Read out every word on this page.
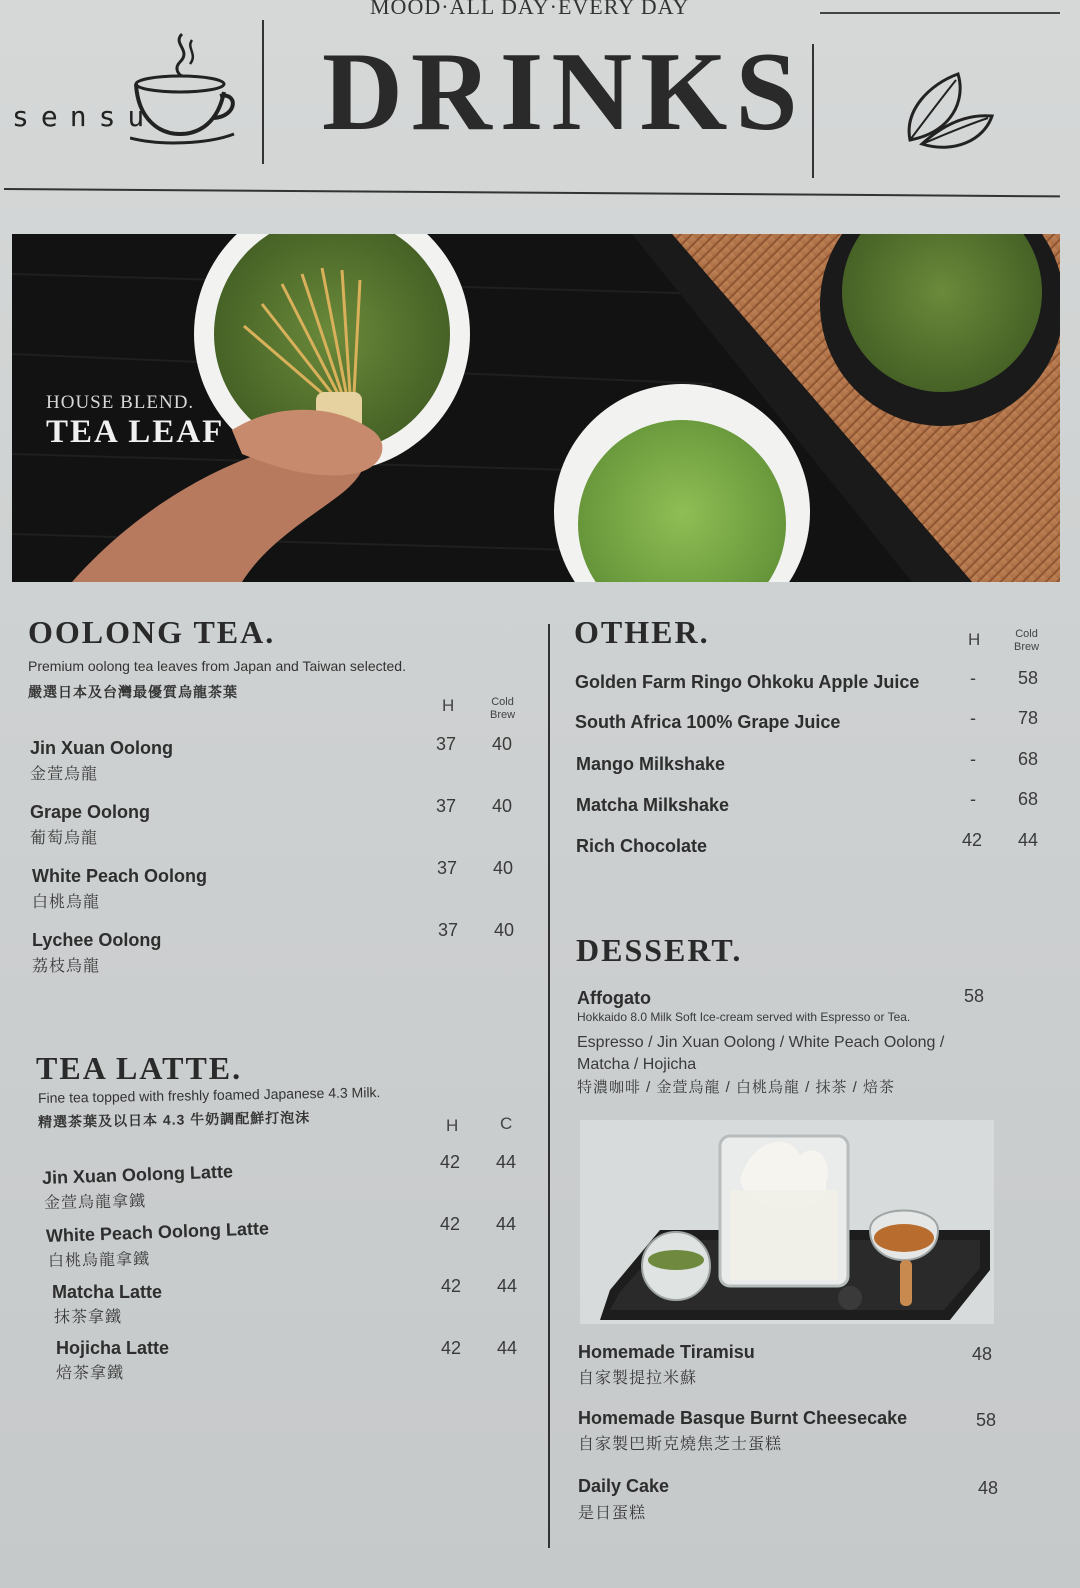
MOOD·ALL DAY·EVERY DAY
sensu DRINKS
HOUSE BLEND.
TEA LEAF
OOLONG TEA.
Premium oolong tea leaves from Japan and Taiwan selected.
嚴選日本及台灣最優質烏龍茶葉
H	Cold
Brew
Jin Xuan Oolong
金萱烏龍
37 40
Grape Oolong
葡萄烏龍
37 40
White Peach Oolong
白桃烏龍
37 40
Lychee Oolong
荔枝烏龍
37 40
TEA LATTE.
Fine tea topped with freshly foamed Japanese 4.3 Milk.
精選茶葉及以日本 4.3 牛奶調配鮮打泡沫	H C
Jin Xuan Oolong Latte
金萱烏龍拿鐵
42 44
White Peach Oolong Latte
白桃烏龍拿鐵
42 44
Matcha Latte
抹茶拿鐵
42 44
Hojicha Latte
焙茶拿鐵
42 44
OTHER.	H	Cold
Brew
Golden Farm Ringo Ohkoku Apple Juice	- 58
South Africa 100% Grape Juice	- 78
Mango Milkshake	- 68
Matcha Milkshake	- 68
Rich Chocolate	42 44
DESSERT.
Affogato	58
Hokkaido 8.0 Milk Soft Ice-cream served with Espresso or Tea.
Espresso / Jin Xuan Oolong / White Peach Oolong /
Matcha / Hojicha
特濃咖啡 / 金萱烏龍 / 白桃烏龍 / 抹茶 / 焙茶
Homemade Tiramisu
自家製提拉米蘇
48
Homemade Basque Burnt Cheesecake
自家製巴斯克燒焦芝士蛋糕
58
Daily Cake
是日蛋糕
48
